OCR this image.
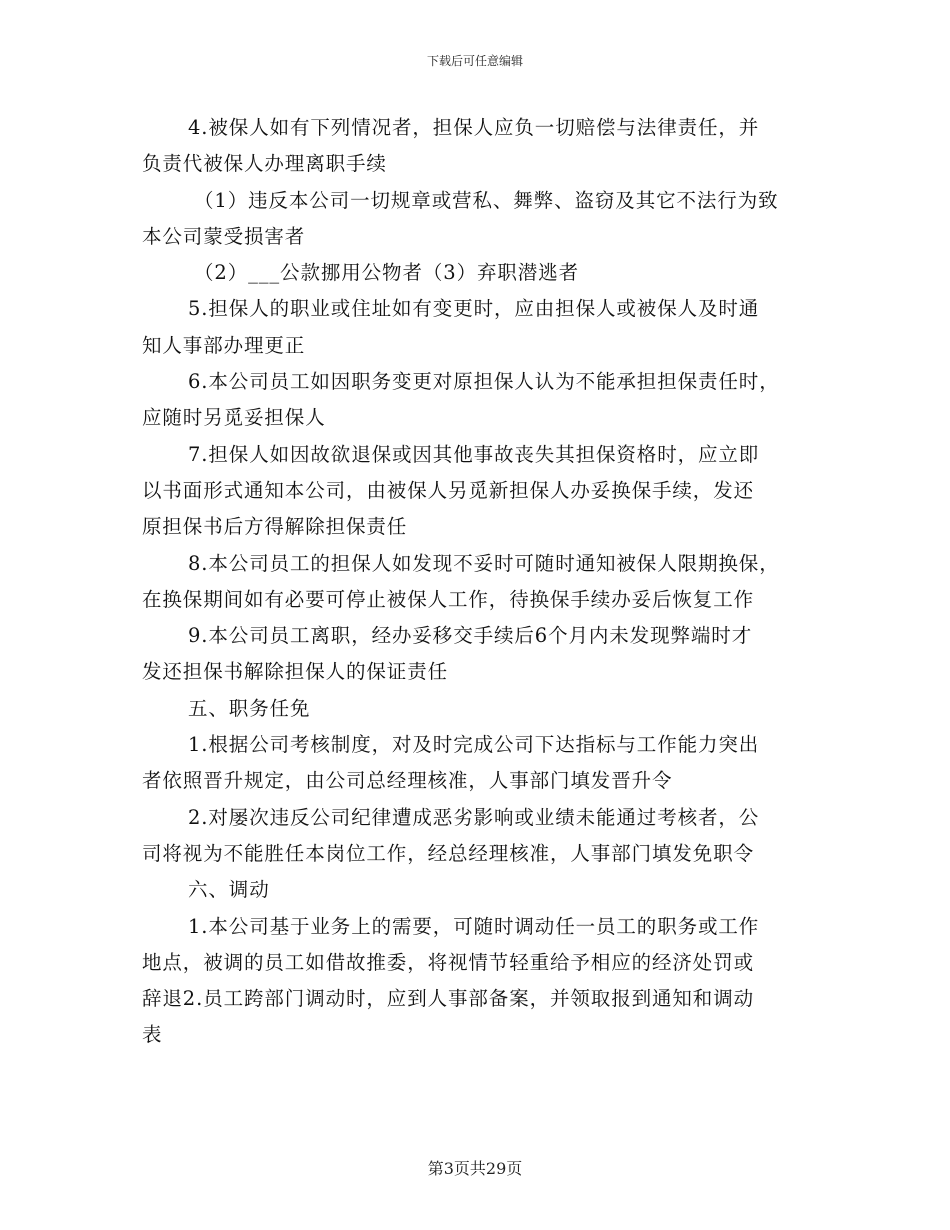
下载后可任意编辑
4.被保人如有下列情况者，担保人应负一切赔偿与法律责任，并
负责代被保人办理离职手续
（1）违反本公司一切规章或营私、舞弊、盗窃及其它不法行为致
本公司蒙受损害者
（2）___公款挪用公物者（3）弃职潜逃者
5.担保人的职业或住址如有变更时，应由担保人或被保人及时通
知人事部办理更正
6.本公司员工如因职务变更对原担保人认为不能承担担保责任时，
应随时另觅妥担保人
7.担保人如因故欲退保或因其他事故丧失其担保资格时，应立即
以书面形式通知本公司，由被保人另觅新担保人办妥换保手续，发还
原担保书后方得解除担保责任
8.本公司员工的担保人如发现不妥时可随时通知被保人限期换保，
在换保期间如有必要可停止被保人工作，待换保手续办妥后恢复工作
9.本公司员工离职，经办妥移交手续后6个月内未发现弊端时才
发还担保书解除担保人的保证责任
五、职务任免
1.根据公司考核制度，对及时完成公司下达指标与工作能力突出
者依照晋升规定，由公司总经理核准，人事部门填发晋升令
2.对屡次违反公司纪律遭成恶劣影响或业绩未能通过考核者，公
司将视为不能胜任本岗位工作，经总经理核准，人事部门填发免职令
六、调动
1.本公司基于业务上的需要，可随时调动任一员工的职务或工作
地点，被调的员工如借故推委，将视情节轻重给予相应的经济处罚或
辞退2.员工跨部门调动时，应到人事部备案，并领取报到通知和调动
表
第3页共29页
